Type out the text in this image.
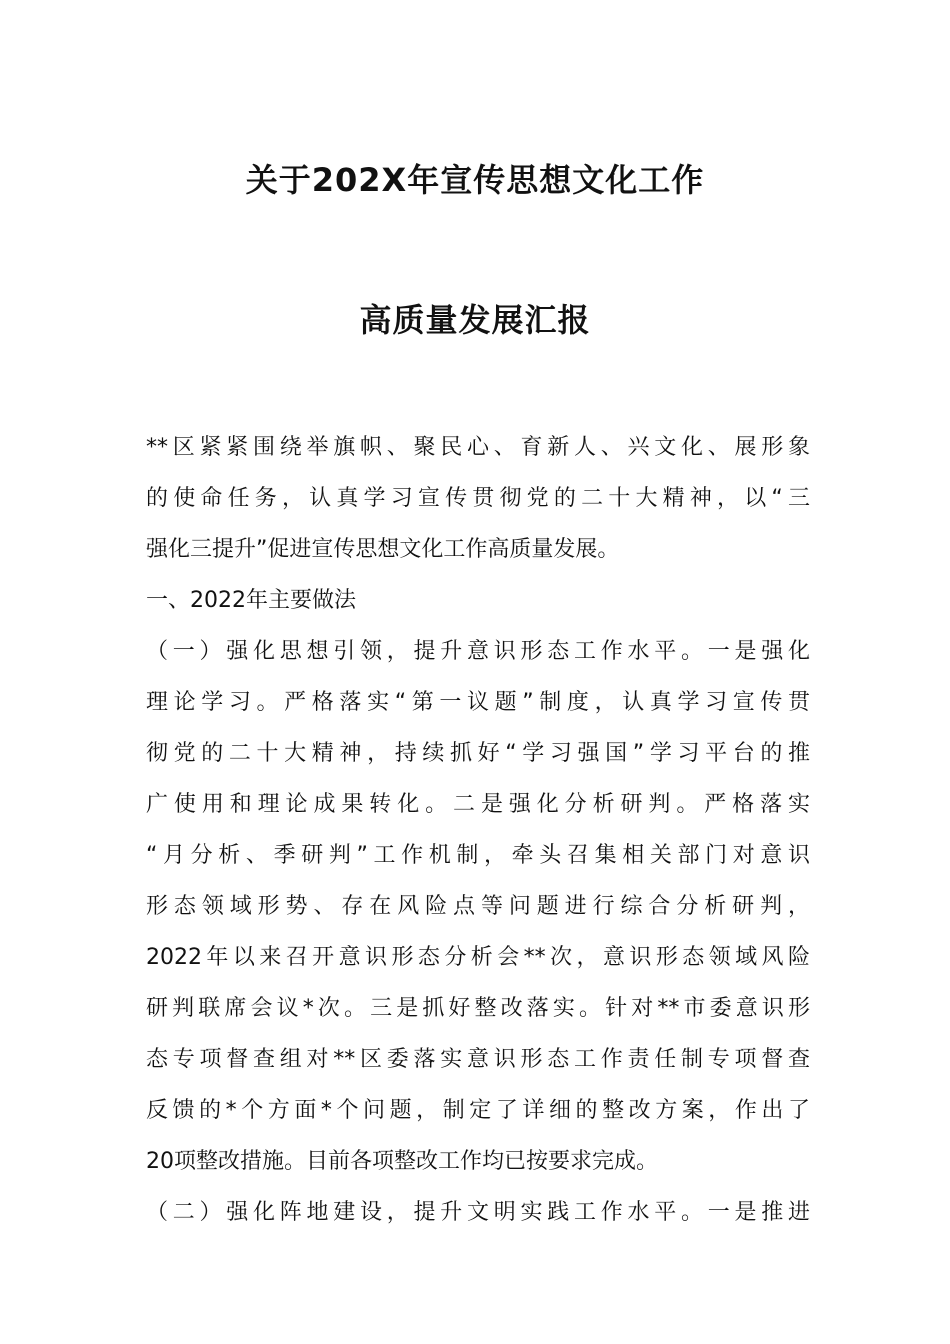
关于202X年宣传思想文化工作
高质量发展汇报
**区紧紧围绕举旗帜、聚民心、育新人、兴文化、展形象
的使命任务，认真学习宣传贯彻党的二十大精神，以“三
强化三提升”促进宣传思想文化工作高质量发展。
一、2022年主要做法
（一）强化思想引领，提升意识形态工作水平。一是强化
理论学习。严格落实“第一议题”制度，认真学习宣传贯
彻党的二十大精神，持续抓好“学习强国”学习平台的推
广使用和理论成果转化。二是强化分析研判。严格落实
“月分析、季研判”工作机制，牵头召集相关部门对意识
形态领域形势、存在风险点等问题进行综合分析研判，
2022年以来召开意识形态分析会**次，意识形态领域风险
研判联席会议*次。三是抓好整改落实。针对**市委意识形
态专项督查组对**区委落实意识形态工作责任制专项督查
反馈的*个方面*个问题，制定了详细的整改方案，作出了
20项整改措施。目前各项整改工作均已按要求完成。
（二）强化阵地建设，提升文明实践工作水平。一是推进
